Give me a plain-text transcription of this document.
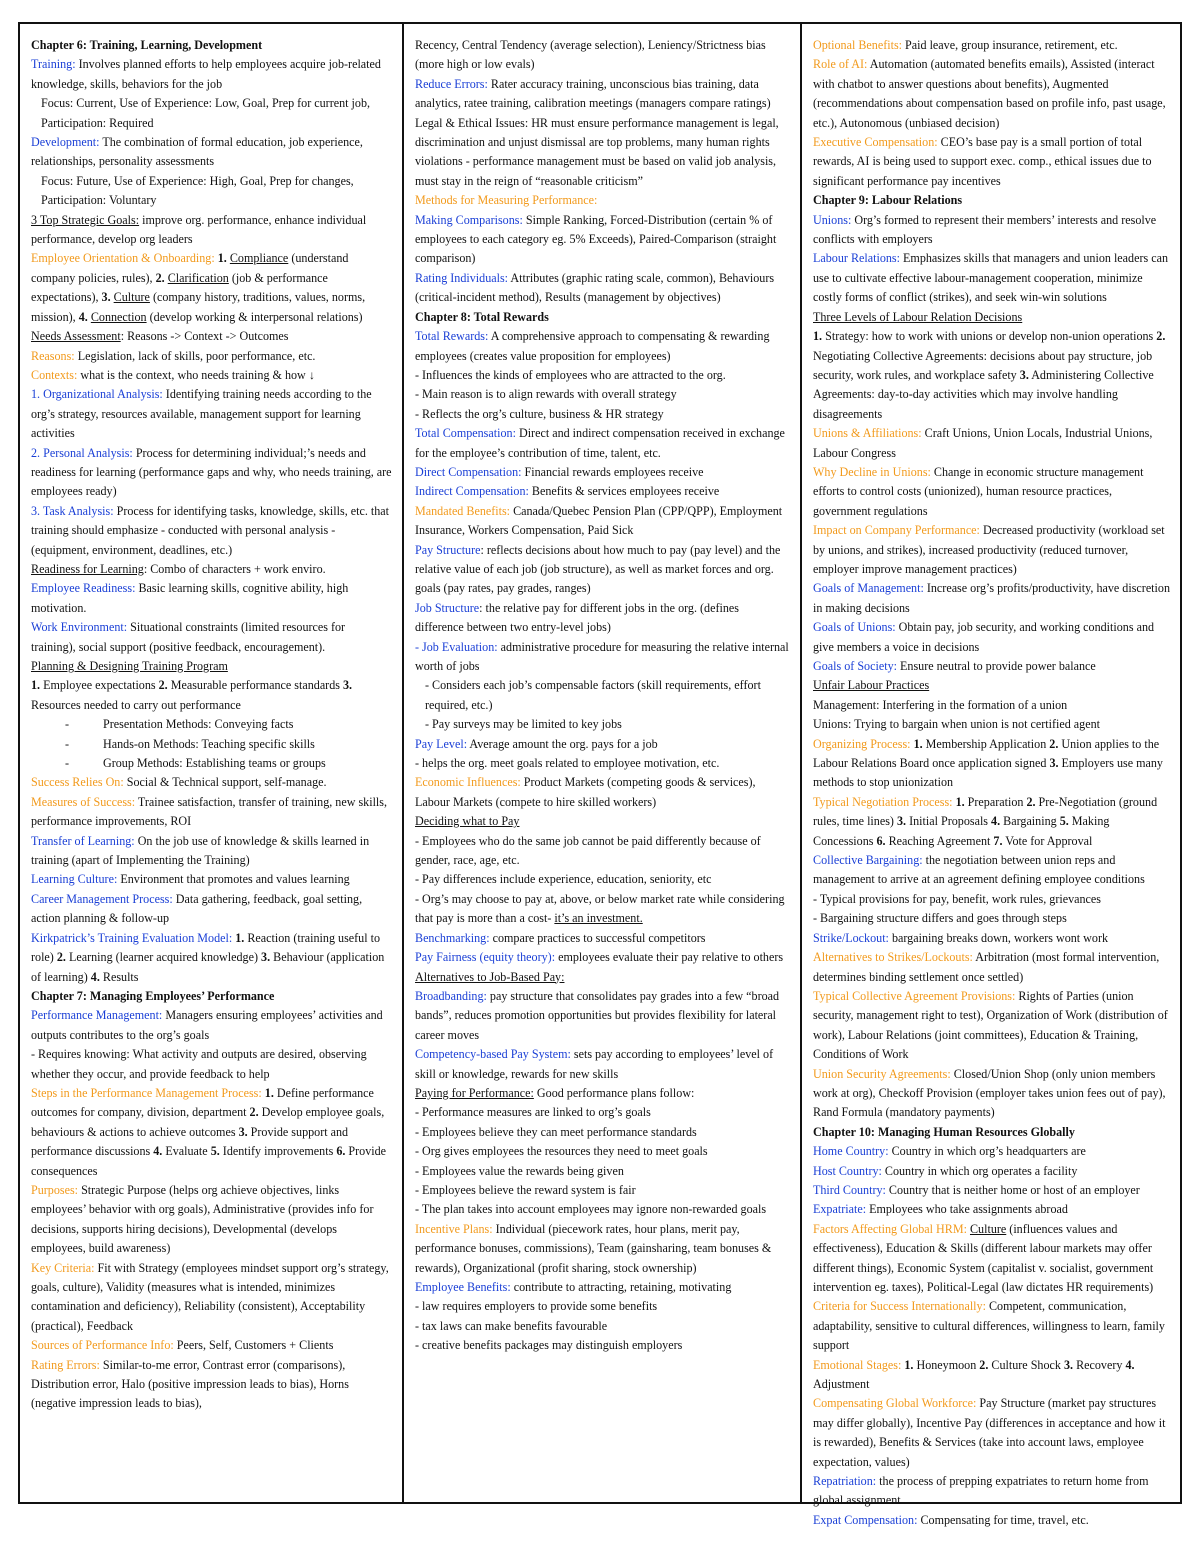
Chapter 6: Training, Learning, Development
Training: Involves planned efforts to help employees acquire job-related knowledge, skills, behaviors for the job
Focus: Current, Use of Experience: Low, Goal, Prep for current job, Participation: Required
Development: The combination of formal education, job experience, relationships, personality assessments
Focus: Future, Use of Experience: High, Goal, Prep for changes, Participation: Voluntary
3 Top Strategic Goals: improve org. performance, enhance individual performance, develop org leaders
Employee Orientation & Onboarding: 1. Compliance (understand company policies, rules), 2. Clarification (job & performance expectations), 3. Culture (company history, traditions, values, norms, mission), 4. Connection (develop working & interpersonal relations)
Needs Assessment: Reasons -> Context -> Outcomes
Reasons: Legislation, lack of skills, poor performance, etc.
Contexts: what is the context, who needs training & how ↓
1. Organizational Analysis: Identifying training needs according to the org’s strategy, resources available, management support for learning activities
2. Personal Analysis: Process for determining individual;’s needs and readiness for learning (performance gaps and why, who needs training, are employees ready)
3. Task Analysis: Process for identifying tasks, knowledge, skills, etc. that training should emphasize - conducted with personal analysis - (equipment, environment, deadlines, etc.)
Readiness for Learning: Combo of characters + work enviro.
Employee Readiness: Basic learning skills, cognitive ability, high motivation.
Work Environment: Situational constraints (limited resources for training), social support (positive feedback, encouragement).
Planning & Designing Training Program
1. Employee expectations 2. Measurable performance standards 3. Resources needed to carry out performance
-	Presentation Methods: Conveying facts
-	Hands-on Methods: Teaching specific skills
-	Group Methods: Establishing teams or groups
Success Relies On: Social & Technical support, self-manage.
Measures of Success: Trainee satisfaction, transfer of training, new skills, performance improvements, ROI
Transfer of Learning: On the job use of knowledge & skills learned in training (apart of Implementing the Training)
Learning Culture: Environment that promotes and values learning
Career Management Process: Data gathering, feedback, goal setting, action planning & follow-up
Kirkpatrick’s Training Evaluation Model: 1. Reaction (training useful to role) 2. Learning (learner acquired knowledge) 3. Behaviour (application of learning) 4. Results
Chapter 7: Managing Employees’ Performance
Performance Management: Managers ensuring employees’ activities and outputs contributes to the org’s goals
- Requires knowing: What activity and outputs are desired, observing whether they occur, and provide feedback to help
Steps in the Performance Management Process: 1. Define performance outcomes for company, division, department 2. Develop employee goals, behaviours & actions to achieve outcomes 3. Provide support and performance discussions 4. Evaluate 5. Identify improvements 6. Provide consequences
Purposes: Strategic Purpose (helps org achieve objectives, links employees’ behavior with org goals), Administrative (provides info for decisions, supports hiring decisions), Developmental (develops employees, build awareness)
Key Criteria: Fit with Strategy (employees mindset support org’s strategy, goals, culture), Validity (measures what is intended, minimizes contamination and deficiency), Reliability (consistent), Acceptability (practical), Feedback
Sources of Performance Info: Peers, Self, Customers + Clients
Rating Errors: Similar-to-me error, Contrast error (comparisons), Distribution error, Halo (positive impression leads to bias), Horns (negative impression leads to bias),
Recency, Central Tendency (average selection), Leniency/Strictness bias (more high or low evals)
Reduce Errors: Rater accuracy training, unconscious bias training, data analytics, ratee training, calibration meetings (managers compare ratings)
Legal & Ethical Issues: HR must ensure performance management is legal, discrimination and unjust dismissal are top problems, many human rights violations - performance management must be based on valid job analysis, must stay in the reign of “reasonable criticism”
Methods for Measuring Performance:
Making Comparisons: Simple Ranking, Forced-Distribution (certain % of employees to each category eg. 5% Exceeds), Paired-Comparison (straight comparison)
Rating Individuals: Attributes (graphic rating scale, common), Behaviours (critical-incident method), Results (management by objectives)
Chapter 8: Total Rewards
Total Rewards: A comprehensive approach to compensating & rewarding employees (creates value proposition for employees)
- Influences the kinds of employees who are attracted to the org.
- Main reason is to align rewards with overall strategy
- Reflects the org’s culture, business & HR strategy
Total Compensation: Direct and indirect compensation received in exchange for the employee’s contribution of time, talent, etc.
Direct Compensation: Financial rewards employees receive
Indirect Compensation: Benefits & services employees receive
Mandated Benefits: Canada/Quebec Pension Plan (CPP/QPP), Employment Insurance, Workers Compensation, Paid Sick
Pay Structure: reflects decisions about how much to pay (pay level) and the relative value of each job (job structure), as well as market forces and org. goals (pay rates, pay grades, ranges)
Job Structure: the relative pay for different jobs in the org. (defines difference between two entry-level jobs)
- Job Evaluation: administrative procedure for measuring the relative internal worth of jobs
- Considers each job’s compensable factors (skill requirements, effort required, etc.)
- Pay surveys may be limited to key jobs
Pay Level: Average amount the org. pays for a job
- helps the org. meet goals related to employee motivation, etc.
Economic Influences: Product Markets (competing goods & services), Labour Markets (compete to hire skilled workers)
Deciding what to Pay
- Employees who do the same job cannot be paid differently because of gender, race, age, etc.
- Pay differences include experience, education, seniority, etc
- Org’s may choose to pay at, above, or below market rate while considering that pay is more than a cost- it’s an investment.
Benchmarking: compare practices to successful competitors
Pay Fairness (equity theory): employees evaluate their pay relative to others
Alternatives to Job-Based Pay:
Broadbanding: pay structure that consolidates pay grades into a few “broad bands”, reduces promotion opportunities but provides flexibility for lateral career moves
Competency-based Pay System: sets pay according to employees’ level of skill or knowledge, rewards for new skills
Paying for Performance: Good performance plans follow:
- Performance measures are linked to org’s goals
- Employees believe they can meet performance standards
- Org gives employees the resources they need to meet goals
- Employees value the rewards being given
- Employees believe the reward system is fair
- The plan takes into account employees may ignore non-rewarded goals
Incentive Plans: Individual (piecework rates, hour plans, merit pay, performance bonuses, commissions), Team (gainsharing, team bonuses & rewards), Organizational (profit sharing, stock ownership)
Employee Benefits: contribute to attracting, retaining, motivating
- law requires employers to provide some benefits
- tax laws can make benefits favourable
- creative benefits packages may distinguish employers
Optional Benefits: Paid leave, group insurance, retirement, etc.
Role of AI: Automation (automated benefits emails), Assisted (interact with chatbot to answer questions about benefits), Augmented (recommendations about compensation based on profile info, past usage, etc.), Autonomous (unbiased decision)
Executive Compensation: CEO’s base pay is a small portion of total rewards, AI is being used to support exec. comp., ethical issues due to significant performance pay incentives
Chapter 9: Labour Relations
Unions: Org’s formed to represent their members’ interests and resolve conflicts with employers
Labour Relations: Emphasizes skills that managers and union leaders can use to cultivate effective labour-management cooperation, minimize costly forms of conflict (strikes), and seek win-win solutions
Three Levels of Labour Relation Decisions
1. Strategy: how to work with unions or develop non-union operations 2. Negotiating Collective Agreements: decisions about pay structure, job security, work rules, and workplace safety 3. Administering Collective Agreements: day-to-day activities which may involve handling disagreements
Unions & Affiliations: Craft Unions, Union Locals, Industrial Unions, Labour Congress
Why Decline in Unions: Change in economic structure management efforts to control costs (unionized), human resource practices, government regulations
Impact on Company Performance: Decreased productivity (workload set by unions, and strikes), increased productivity (reduced turnover, employer improve management practices)
Goals of Management: Increase org’s profits/productivity, have discretion in making decisions
Goals of Unions: Obtain pay, job security, and working conditions and give members a voice in decisions
Goals of Society: Ensure neutral to provide power balance
Unfair Labour Practices
Management: Interfering in the formation of a union
Unions: Trying to bargain when union is not certified agent
Organizing Process: 1. Membership Application 2. Union applies to the Labour Relations Board once application signed 3. Employers use many methods to stop unionization
Typical Negotiation Process: 1. Preparation 2. Pre-Negotiation (ground rules, time lines) 3. Initial Proposals 4. Bargaining 5. Making Concessions 6. Reaching Agreement 7. Vote for Approval
Collective Bargaining: the negotiation between union reps and management to arrive at an agreement defining employee conditions
- Typical provisions for pay, benefit, work rules, grievances
- Bargaining structure differs and goes through steps
Strike/Lockout: bargaining breaks down, workers wont work
Alternatives to Strikes/Lockouts: Arbitration (most formal intervention, determines binding settlement once settled)
Typical Collective Agreement Provisions: Rights of Parties (union security, management right to test), Organization of Work (distribution of work), Labour Relations (joint committees), Education & Training, Conditions of Work
Union Security Agreements: Closed/Union Shop (only union members work at org), Checkoff Provision (employer takes union fees out of pay), Rand Formula (mandatory payments)
Chapter 10: Managing Human Resources Globally
Home Country: Country in which org’s headquarters are
Host Country: Country in which org operates a facility
Third Country: Country that is neither home or host of an employer
Expatriate: Employees who take assignments abroad
Factors Affecting Global HRM: Culture (influences values and effectiveness), Education & Skills (different labour markets may offer different things), Economic System (capitalist v. socialist, government intervention eg. taxes), Political-Legal (law dictates HR requirements)
Criteria for Success Internationally: Competent, communication, adaptability, sensitive to cultural differences, willingness to learn, family support
Emotional Stages: 1. Honeymoon 2. Culture Shock 3. Recovery 4. Adjustment
Compensating Global Workforce: Pay Structure (market pay structures may differ globally), Incentive Pay (differences in acceptance and how it is rewarded), Benefits & Services (take into account laws, employee expectation, values)
Repatriation: the process of prepping expatriates to return home from global assignment
Expat Compensation: Compensating for time, travel, etc.
